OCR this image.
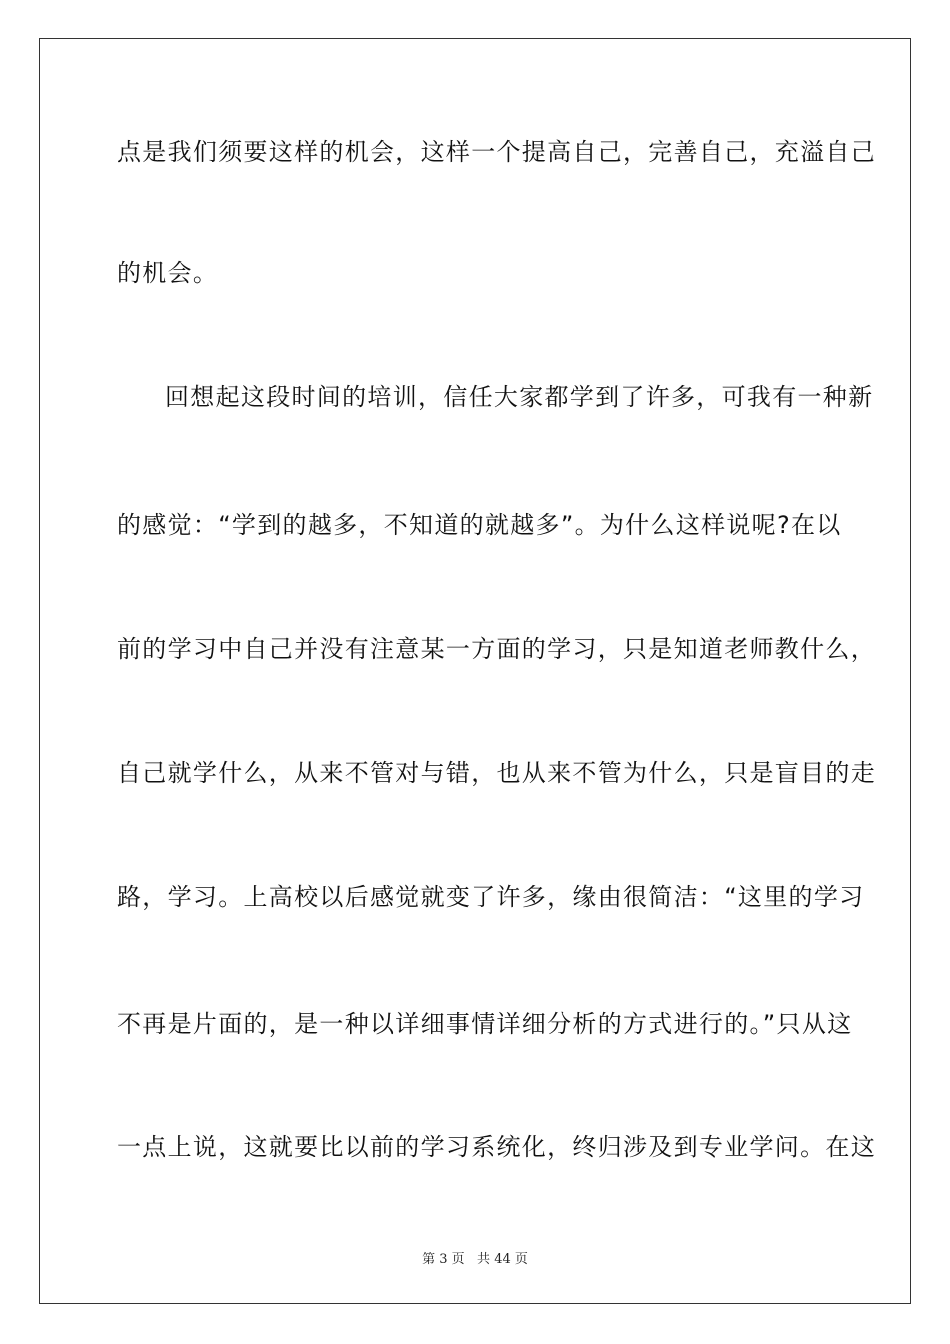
点是我们须要这样的机会，这样一个提高自己，完善自己，充溢自己
的机会。
回想起这段时间的培训，信任大家都学到了许多，可我有一种新
的感觉：“学到的越多，不知道的就越多”。为什么这样说呢?在以
前的学习中自己并没有注意某一方面的学习，只是知道老师教什么，
自己就学什么，从来不管对与错，也从来不管为什么，只是盲目的走
路，学习。上高校以后感觉就变了许多，缘由很简洁：“这里的学习
不再是片面的，是一种以详细事情详细分析的方式进行的。”只从这
一点上说，这就要比以前的学习系统化，终归涉及到专业学问。在这
第 3 页   共 44 页
